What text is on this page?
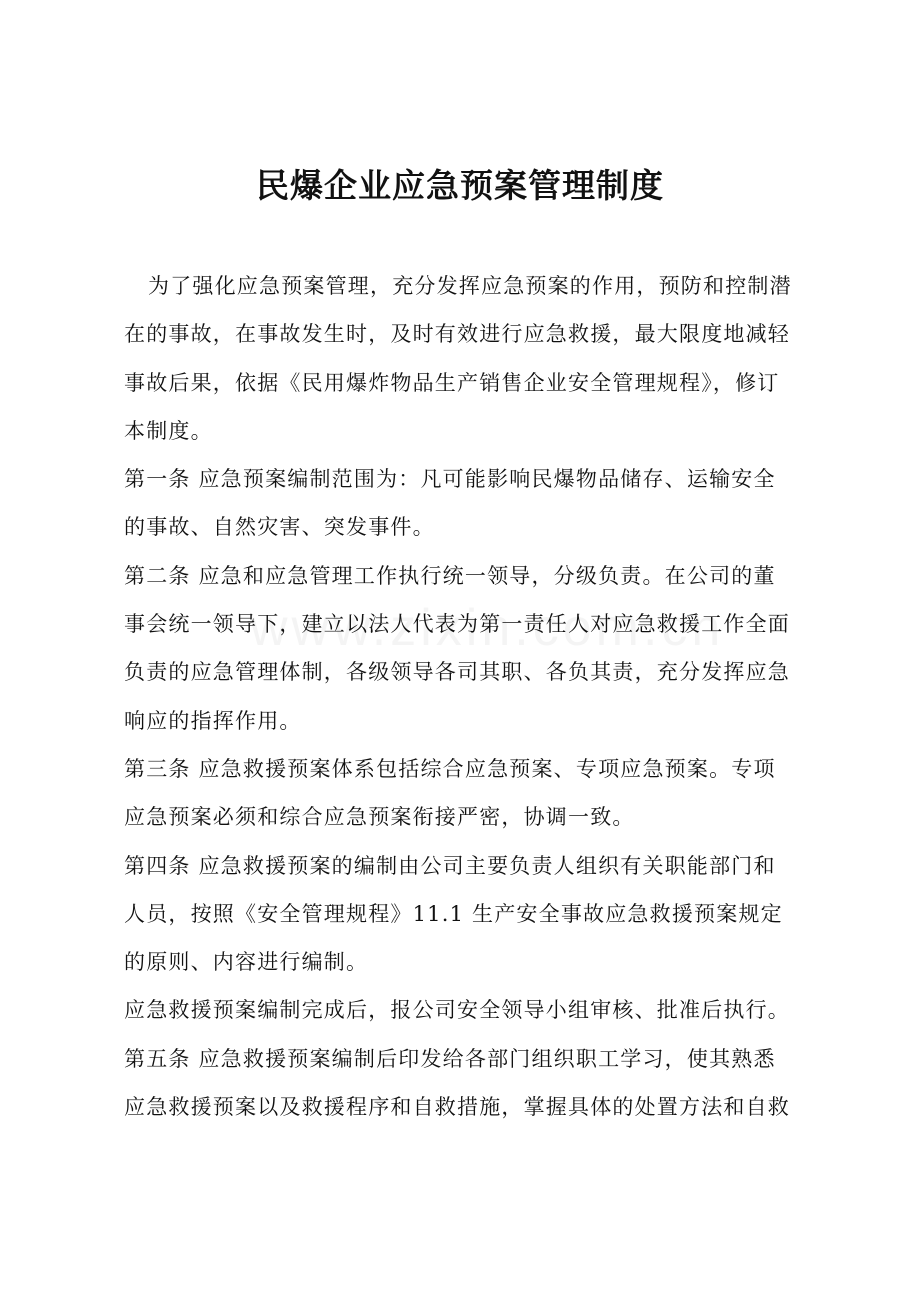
民爆企业应急预案管理制度
为了强化应急预案管理，充分发挥应急预案的作用，预防和控制潜
在的事故，在事故发生时，及时有效进行应急救援，最大限度地减轻
事故后果，依据《民用爆炸物品生产销售企业安全管理规程》，修订
本制度。
第一条 应急预案编制范围为：凡可能影响民爆物品储存、运输安全
的事故、自然灾害、突发事件。
第二条 应急和应急管理工作执行统一领导，分级负责。在公司的董
事会统一领导下，建立以法人代表为第一责任人对应急救援工作全面
负责的应急管理体制，各级领导各司其职、各负其责，充分发挥应急
响应的指挥作用。
第三条 应急救援预案体系包括综合应急预案、专项应急预案。专项
应急预案必须和综合应急预案衔接严密，协调一致。
第四条 应急救援预案的编制由公司主要负责人组织有关职能部门和
人员，按照《安全管理规程》11.1 生产安全事故应急救援预案规定
的原则、内容进行编制。
应急救援预案编制完成后，报公司安全领导小组审核、批准后执行。
第五条 应急救援预案编制后印发给各部门组织职工学习，使其熟悉
应急救援预案以及救援程序和自救措施，掌握具体的处置方法和自救
